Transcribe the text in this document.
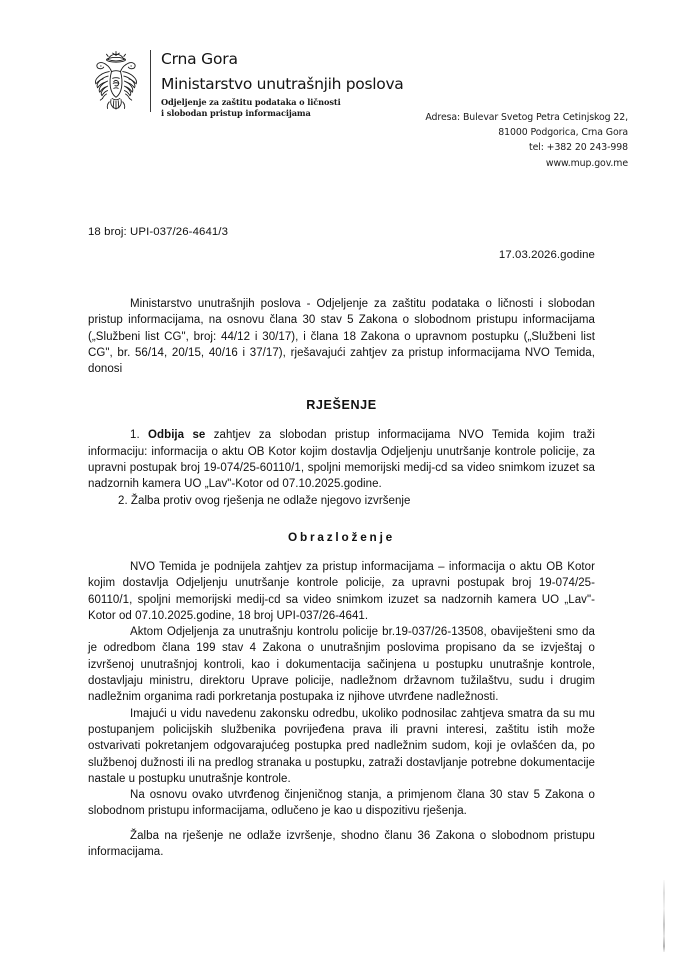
Crna Gora
Ministarstvo unutrašnjih poslova
Odjeljenje za zaštitu podataka o ličnosti
i slobodan pristup informacijama	Adresa: Bulevar Svetog Petra Cetinjskog 22,
81000 Podgorica, Crna Gora
tel: +382 20 243-998
www.mup.gov.me
18 broj: UPI-037/26-4641/3
17.03.2026.godine

Ministarstvo unutrašnjih poslova - Odjeljenje za zaštitu podataka o ličnosti i slobodan pristup informacijama, na osnovu člana 30 stav 5 Zakona o slobodnom pristupu informacijama („Službeni list CG", broj: 44/12 i 30/17), i člana 18 Zakona o upravnom postupku („Službeni list CG", br. 56/14, 20/15, 40/16 i 37/17), rješavajući zahtjev za pristup informacijama NVO Temida, donosi

RJEŠENJE

1. Odbija se zahtjev za slobodan pristup informacijama NVO Temida kojim traži informaciju: informacija o aktu OB Kotor kojim dostavlja Odjeljenju unutršanje kontrole policije, za upravni postupak broj 19-074/25-60110/1, spoljni memorijski medij-cd sa video snimkom izuzet sa nadzornih kamera UO „Lav"-Kotor od 07.10.2025.godine.

2. Žalba protiv ovog rješenja ne odlaže njegovo izvršenje

Obrazloženje

NVO Temida je podnijela zahtjev za pristup informacijama – informacija o aktu OB Kotor kojim dostavlja Odjeljenju unutršanje kontrole policije, za upravni postupak broj 19-074/25-60110/1, spoljni memorijski medij-cd sa video snimkom izuzet sa nadzornih kamera UO „Lav"-Kotor od 07.10.2025.godine, 18 broj UPI-037/26-4641.

Aktom Odjeljenja za unutrašnju kontrolu policije br.19-037/26-13508, obaviješteni smo da je odredbom člana 199 stav 4 Zakona o unutrašnjim poslovima propisano da se izvještaj o izvršenoj unutrašnjoj kontroli, kao i dokumentacija sačinjena u postupku unutrašnje kontrole, dostavljaju ministru, direktoru Uprave policije, nadležnom državnom tužilaštvu, sudu i drugim nadležnim organima radi porkretanja postupaka iz njihove utvrđene nadležnosti.

Imajući u vidu navedenu zakonsku odredbu, ukoliko podnosilac zahtjeva smatra da su mu postupanjem policijskih službenika povrijeđena prava ili pravni interesi, zaštitu istih može ostvarivati pokretanjem odgovarajućeg postupka pred nadležnim sudom, koji je ovlašćen da, po službenoj dužnosti ili na predlog stranaka u postupku, zatraži dostavljanje potrebne dokumentacije nastale u postupku unutrašnje kontrole.

Na osnovu ovako utvrđenog činjeničnog stanja, a primjenom člana 30 stav 5 Zakona o slobodnom pristupu informacijama, odlučeno je kao u dispozitivu rješenja.

Žalba na rješenje ne odlaže izvršenje, shodno članu 36 Zakona o slobodnom pristupu informacijama.
